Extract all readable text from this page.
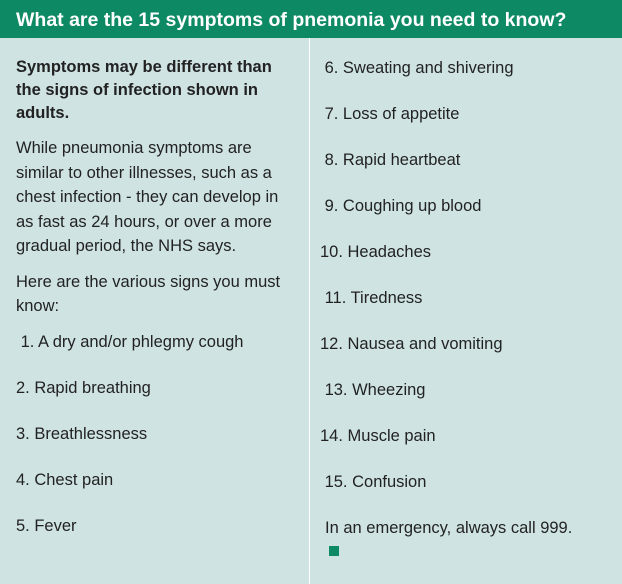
What are the 15 symptoms of pnemonia you need to know?

Symptoms may be different than the signs of infection shown in adults.

While pneumonia symptoms are similar to other illnesses, such as a chest infection - they can develop in as fast as 24 hours, or over a more gradual period, the NHS says.

Here are the various signs you must know:

1. A dry and/or phlegmy cough
2. Rapid breathing
3. Breathlessness
4. Chest pain
5. Fever
6. Sweating and shivering
7. Loss of appetite
8. Rapid heartbeat
9. Coughing up blood
10. Headaches
11. Tiredness
12. Nausea and vomiting
13. Wheezing
14. Muscle pain
15. Confusion

In an emergency, always call 999.
